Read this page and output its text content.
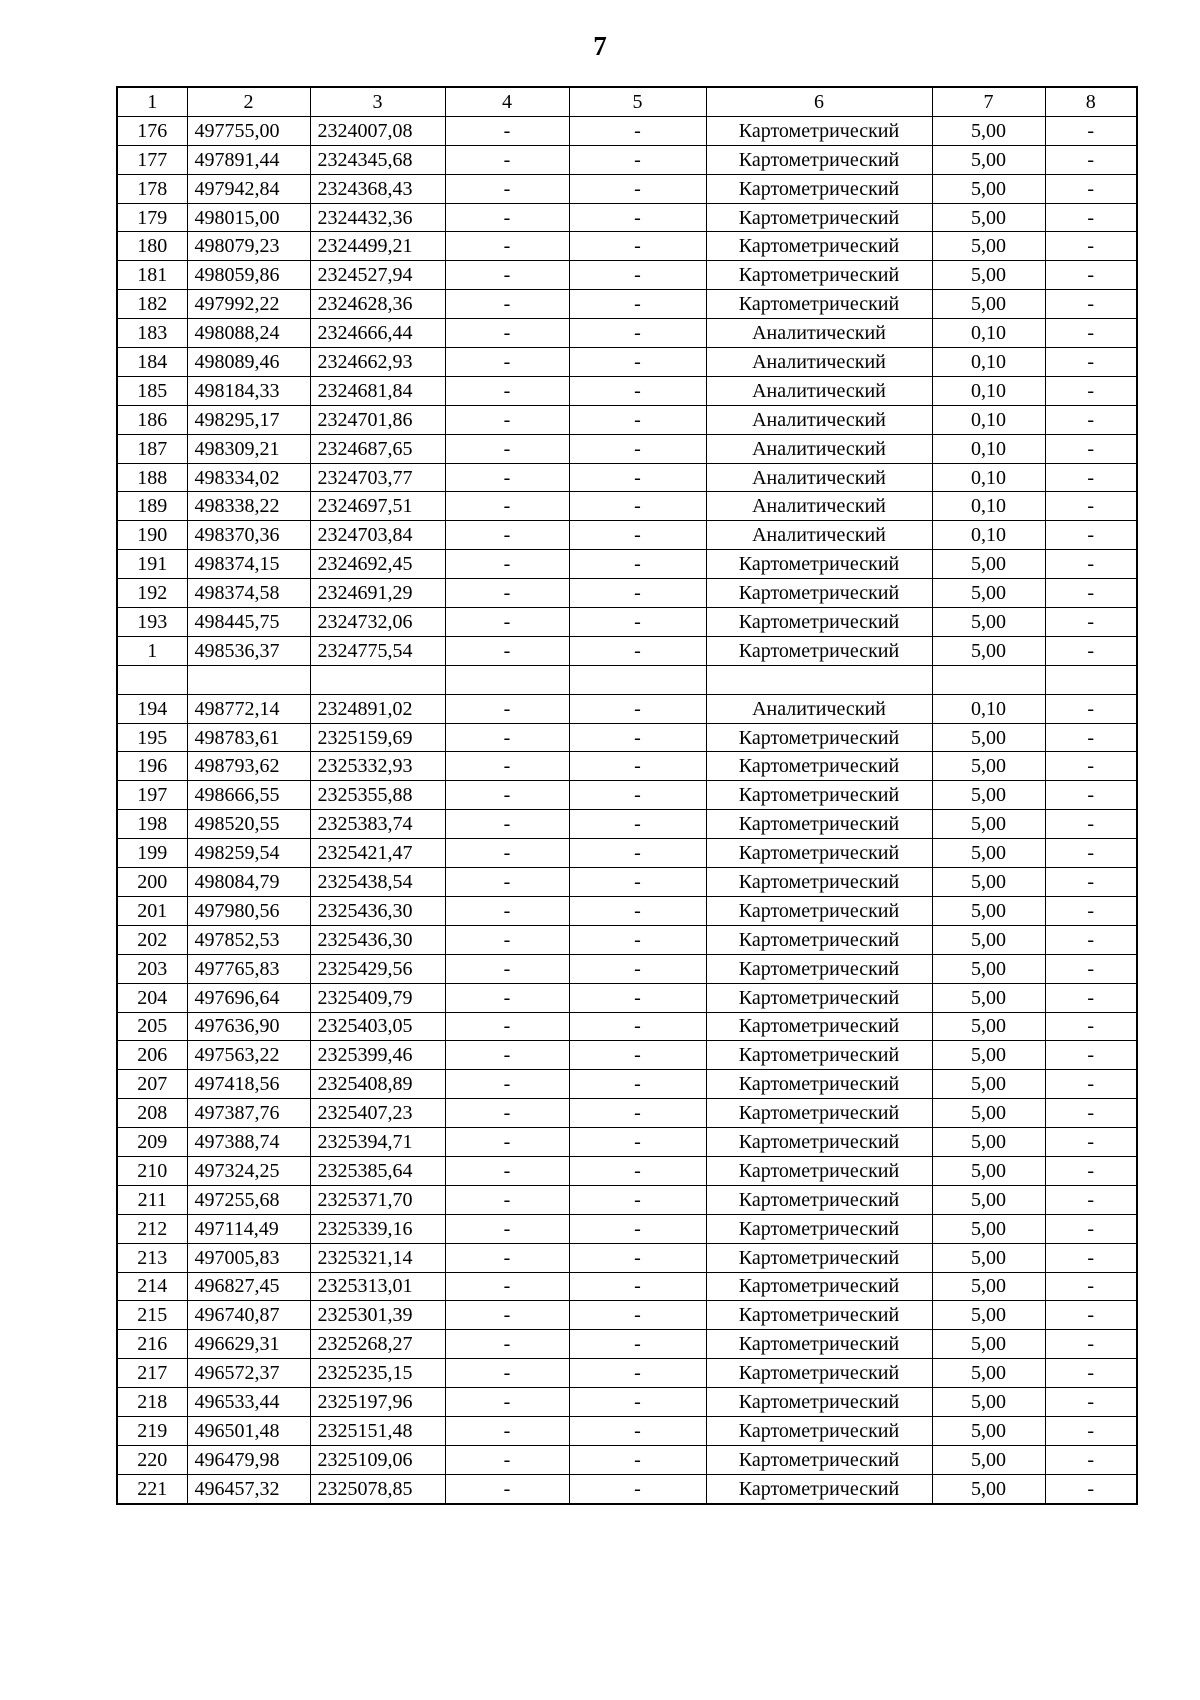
7
1	2	3	4	5	6	7	8
176	497755,00	2324007,08	-	-	Картометрический	5,00	-
177	497891,44	2324345,68	-	-	Картометрический	5,00	-
178	497942,84	2324368,43	-	-	Картометрический	5,00	-
179	498015,00	2324432,36	-	-	Картометрический	5,00	-
180	498079,23	2324499,21	-	-	Картометрический	5,00	-
181	498059,86	2324527,94	-	-	Картометрический	5,00	-
182	497992,22	2324628,36	-	-	Картометрический	5,00	-
183	498088,24	2324666,44	-	-	Аналитический	0,10	-
184	498089,46	2324662,93	-	-	Аналитический	0,10	-
185	498184,33	2324681,84	-	-	Аналитический	0,10	-
186	498295,17	2324701,86	-	-	Аналитический	0,10	-
187	498309,21	2324687,65	-	-	Аналитический	0,10	-
188	498334,02	2324703,77	-	-	Аналитический	0,10	-
189	498338,22	2324697,51	-	-	Аналитический	0,10	-
190	498370,36	2324703,84	-	-	Аналитический	0,10	-
191	498374,15	2324692,45	-	-	Картометрический	5,00	-
192	498374,58	2324691,29	-	-	Картометрический	5,00	-
193	498445,75	2324732,06	-	-	Картометрический	5,00	-
1	498536,37	2324775,54	-	-	Картометрический	5,00	-

194	498772,14	2324891,02	-	-	Аналитический	0,10	-
195	498783,61	2325159,69	-	-	Картометрический	5,00	-
196	498793,62	2325332,93	-	-	Картометрический	5,00	-
197	498666,55	2325355,88	-	-	Картометрический	5,00	-
198	498520,55	2325383,74	-	-	Картометрический	5,00	-
199	498259,54	2325421,47	-	-	Картометрический	5,00	-
200	498084,79	2325438,54	-	-	Картометрический	5,00	-
201	497980,56	2325436,30	-	-	Картометрический	5,00	-
202	497852,53	2325436,30	-	-	Картометрический	5,00	-
203	497765,83	2325429,56	-	-	Картометрический	5,00	-
204	497696,64	2325409,79	-	-	Картометрический	5,00	-
205	497636,90	2325403,05	-	-	Картометрический	5,00	-
206	497563,22	2325399,46	-	-	Картометрический	5,00	-
207	497418,56	2325408,89	-	-	Картометрический	5,00	-
208	497387,76	2325407,23	-	-	Картометрический	5,00	-
209	497388,74	2325394,71	-	-	Картометрический	5,00	-
210	497324,25	2325385,64	-	-	Картометрический	5,00	-
211	497255,68	2325371,70	-	-	Картометрический	5,00	-
212	497114,49	2325339,16	-	-	Картометрический	5,00	-
213	497005,83	2325321,14	-	-	Картометрический	5,00	-
214	496827,45	2325313,01	-	-	Картометрический	5,00	-
215	496740,87	2325301,39	-	-	Картометрический	5,00	-
216	496629,31	2325268,27	-	-	Картометрический	5,00	-
217	496572,37	2325235,15	-	-	Картометрический	5,00	-
218	496533,44	2325197,96	-	-	Картометрический	5,00	-
219	496501,48	2325151,48	-	-	Картометрический	5,00	-
220	496479,98	2325109,06	-	-	Картометрический	5,00	-
221	496457,32	2325078,85	-	-	Картометрический	5,00	-
